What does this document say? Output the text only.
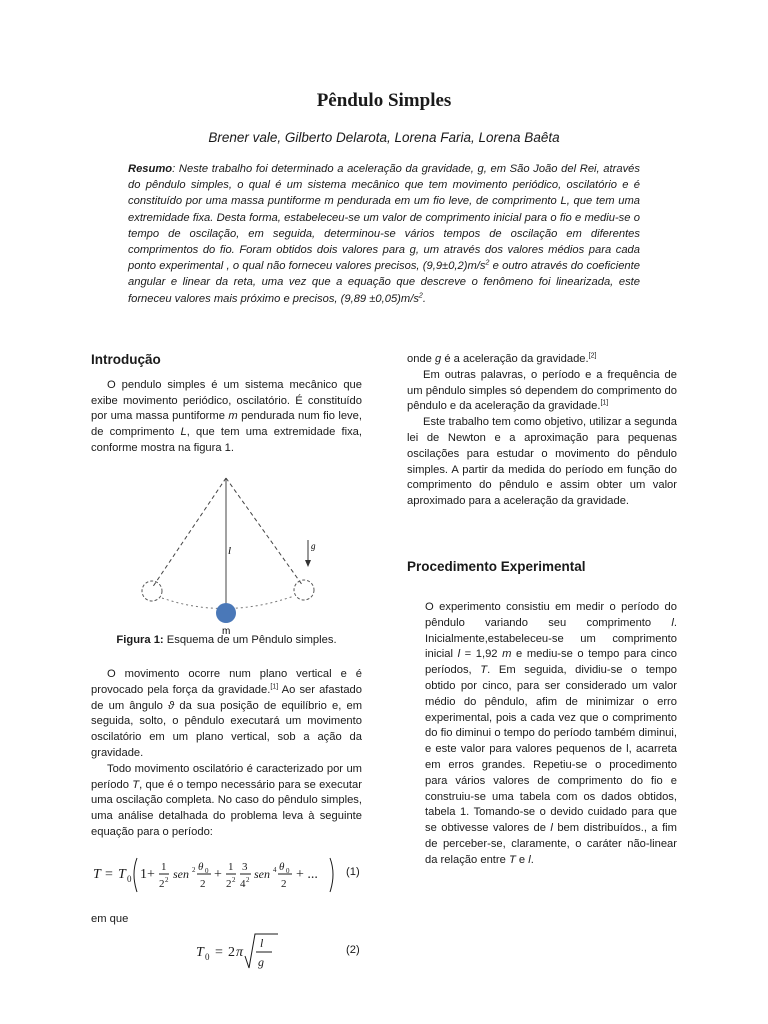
Pêndulo Simples
Brener vale, Gilberto Delarota, Lorena Faria, Lorena Baêta
Resumo: Neste trabalho foi determinado a aceleração da gravidade, g, em São João del Rei, através do pêndulo simples, o qual é um sistema mecânico que tem movimento periódico, oscilatório e é constituído por uma massa puntiforme m pendurada em um fio leve, de comprimento L, que tem uma extremidade fixa. Desta forma, estabeleceu-se um valor de comprimento inicial para o fio e mediu-se o tempo de oscilação, em seguida, determinou-se vários tempos de oscilação em diferentes comprimentos do fio. Foram obtidos dois valores para g, um através dos valores médios para cada ponto experimental , o qual não forneceu valores precisos, $(9,9\pm 0,2)m/s^2$ e outro através do coeficiente angular e linear da reta, uma vez que a equação que descreve o fenômeno foi linearizada, este forneceu valores mais próximo e precisos, $(9,89 \pm 0,05)m/s^2$.
Introdução

O pendulo simples é um sistema mecânico que exibe movimento periódico, oscilatório. É constituído por uma massa puntiforme m pendurada num fio leve, de comprimento L, que tem uma extremidade fixa, conforme mostra na figura 1.

l	g
m
Figura 1: Esquema de um Pêndulo simples.

O movimento ocorre num plano vertical e é provocado pela força da gravidade.[1] Ao ser afastado de um ângulo ϑ da sua posição de equilíbrio e, em seguida, solto, o pêndulo executará um movimento oscilatório em um plano vertical, sob a ação da gravidade.

Todo movimento oscilatório é caracterizado por um período T, que é o tempo necessário para se executar uma oscilação completa. No caso do pêndulo simples, uma análise detalhada do problema leva à seguinte equação para o período:

T = T 0 1+ 1
2 2 sen 2 θ 0
2
+ 1
2 2
3
4 2 sen 4 θ 0
2
+ ...	(1)

em que

T 0 = 2 π
l
g
(2)

onde g é a aceleração da gravidade.[2]

Em outras palavras, o período e a frequência de um pêndulo simples só dependem do comprimento do pêndulo e da aceleração da gravidade.[1]

Este trabalho tem como objetivo, utilizar a segunda lei de Newton e a aproximação para pequenas oscilações para estudar o movimento do pêndulo simples. A partir da medida do período em função do comprimento do pêndulo e assim obter um valor aproximado para a aceleração da gravidade.

Procedimento Experimental

O experimento consistiu em medir o período do pêndulo variando seu comprimento l. Inicialmente,estabeleceu-se um comprimento inicial l = 1,92 m e mediu-se o tempo para cinco períodos, T. Em seguida, dividiu-se o tempo obtido por cinco, para ser considerado um valor médio do pêndulo, afim de minimizar o erro experimental, pois a cada vez que o comprimento do fio diminui o tempo do período também diminui, e este valor para valores pequenos de l, acarreta em erros grandes. Repetiu-se o procedimento para vários valores de comprimento do fio e construiu-se uma tabela com os dados obtidos, tabela 1. Tomando-se o devido cuidado para que se obtivesse valores de l bem distribuídos., a fim de perceber-se, claramente, o caráter não-linear da relação entre T e l.
